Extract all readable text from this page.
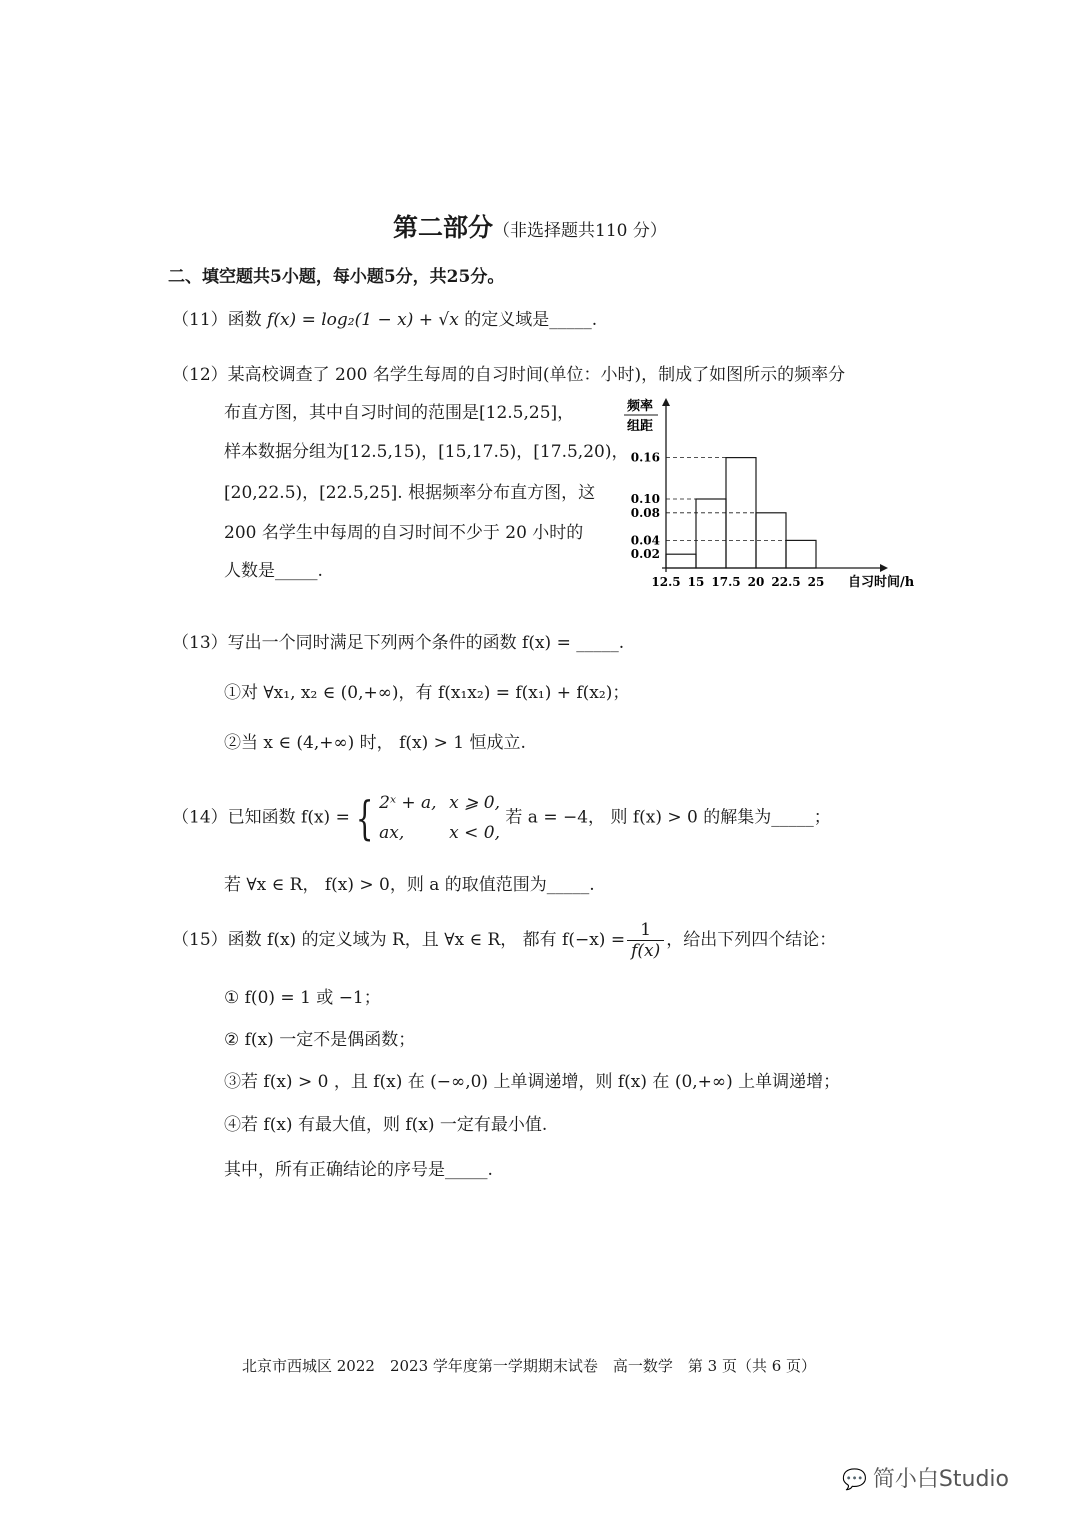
第二部分（非选择题共110 分）
二、填空题共5小题，每小题5分，共25分。
（11）函数 f(x) = log₂(1 − x) + √x 的定义域是_____.
（12）某高校调查了 200 名学生每周的自习时间(单位：小时)，制成了如图所示的频率分
布直方图，其中自习时间的范围是[12.5,25]，
样本数据分组为[12.5,15)，[15,17.5)，[17.5,20)，
[20,22.5)，[22.5,25]. 根据频率分布直方图，这
200 名学生中每周的自习时间不少于 20 小时的
人数是_____.
频率
组距
0.16
0.10
0.08
0.04
0.02
12.5 15 17.5 20 22.5 25 自习时间/h
（13）写出一个同时满足下列两个条件的函数 f(x) = _____.
①对 ∀x₁, x₂ ∈ (0,+∞)，有 f(x₁x₂) = f(x₁) + f(x₂)；
②当 x ∈ (4,+∞) 时， f(x) > 1 恒成立.
（14）已知函数 f(x) = { 2ˣ + a, x ⩾ 0,
ax,	x < 0,
若 a = −4， 则 f(x) > 0 的解集为_____；
若 ∀x ∈ R， f(x) > 0，则 a 的取值范围为_____.
（15）函数 f(x) 的定义域为 R，且 ∀x ∈ R， 都有 $f(-x) = \frac{1}{f(x)}$ ，给出下列四个结论：
① f(0) = 1 或 −1；
② f(x) 一定不是偶函数；
③若 f(x) > 0 ，且 f(x) 在 (−∞,0) 上单调递增，则 f(x) 在 (0,+∞) 上单调递增；
④若 f(x) 有最大值，则 f(x) 一定有最小值.
其中，所有正确结论的序号是_____.
北京市西城区 2022　2023 学年度第一学期期末试卷　高一数学　第 3 页（共 6 页）
💬 简小白Studio
